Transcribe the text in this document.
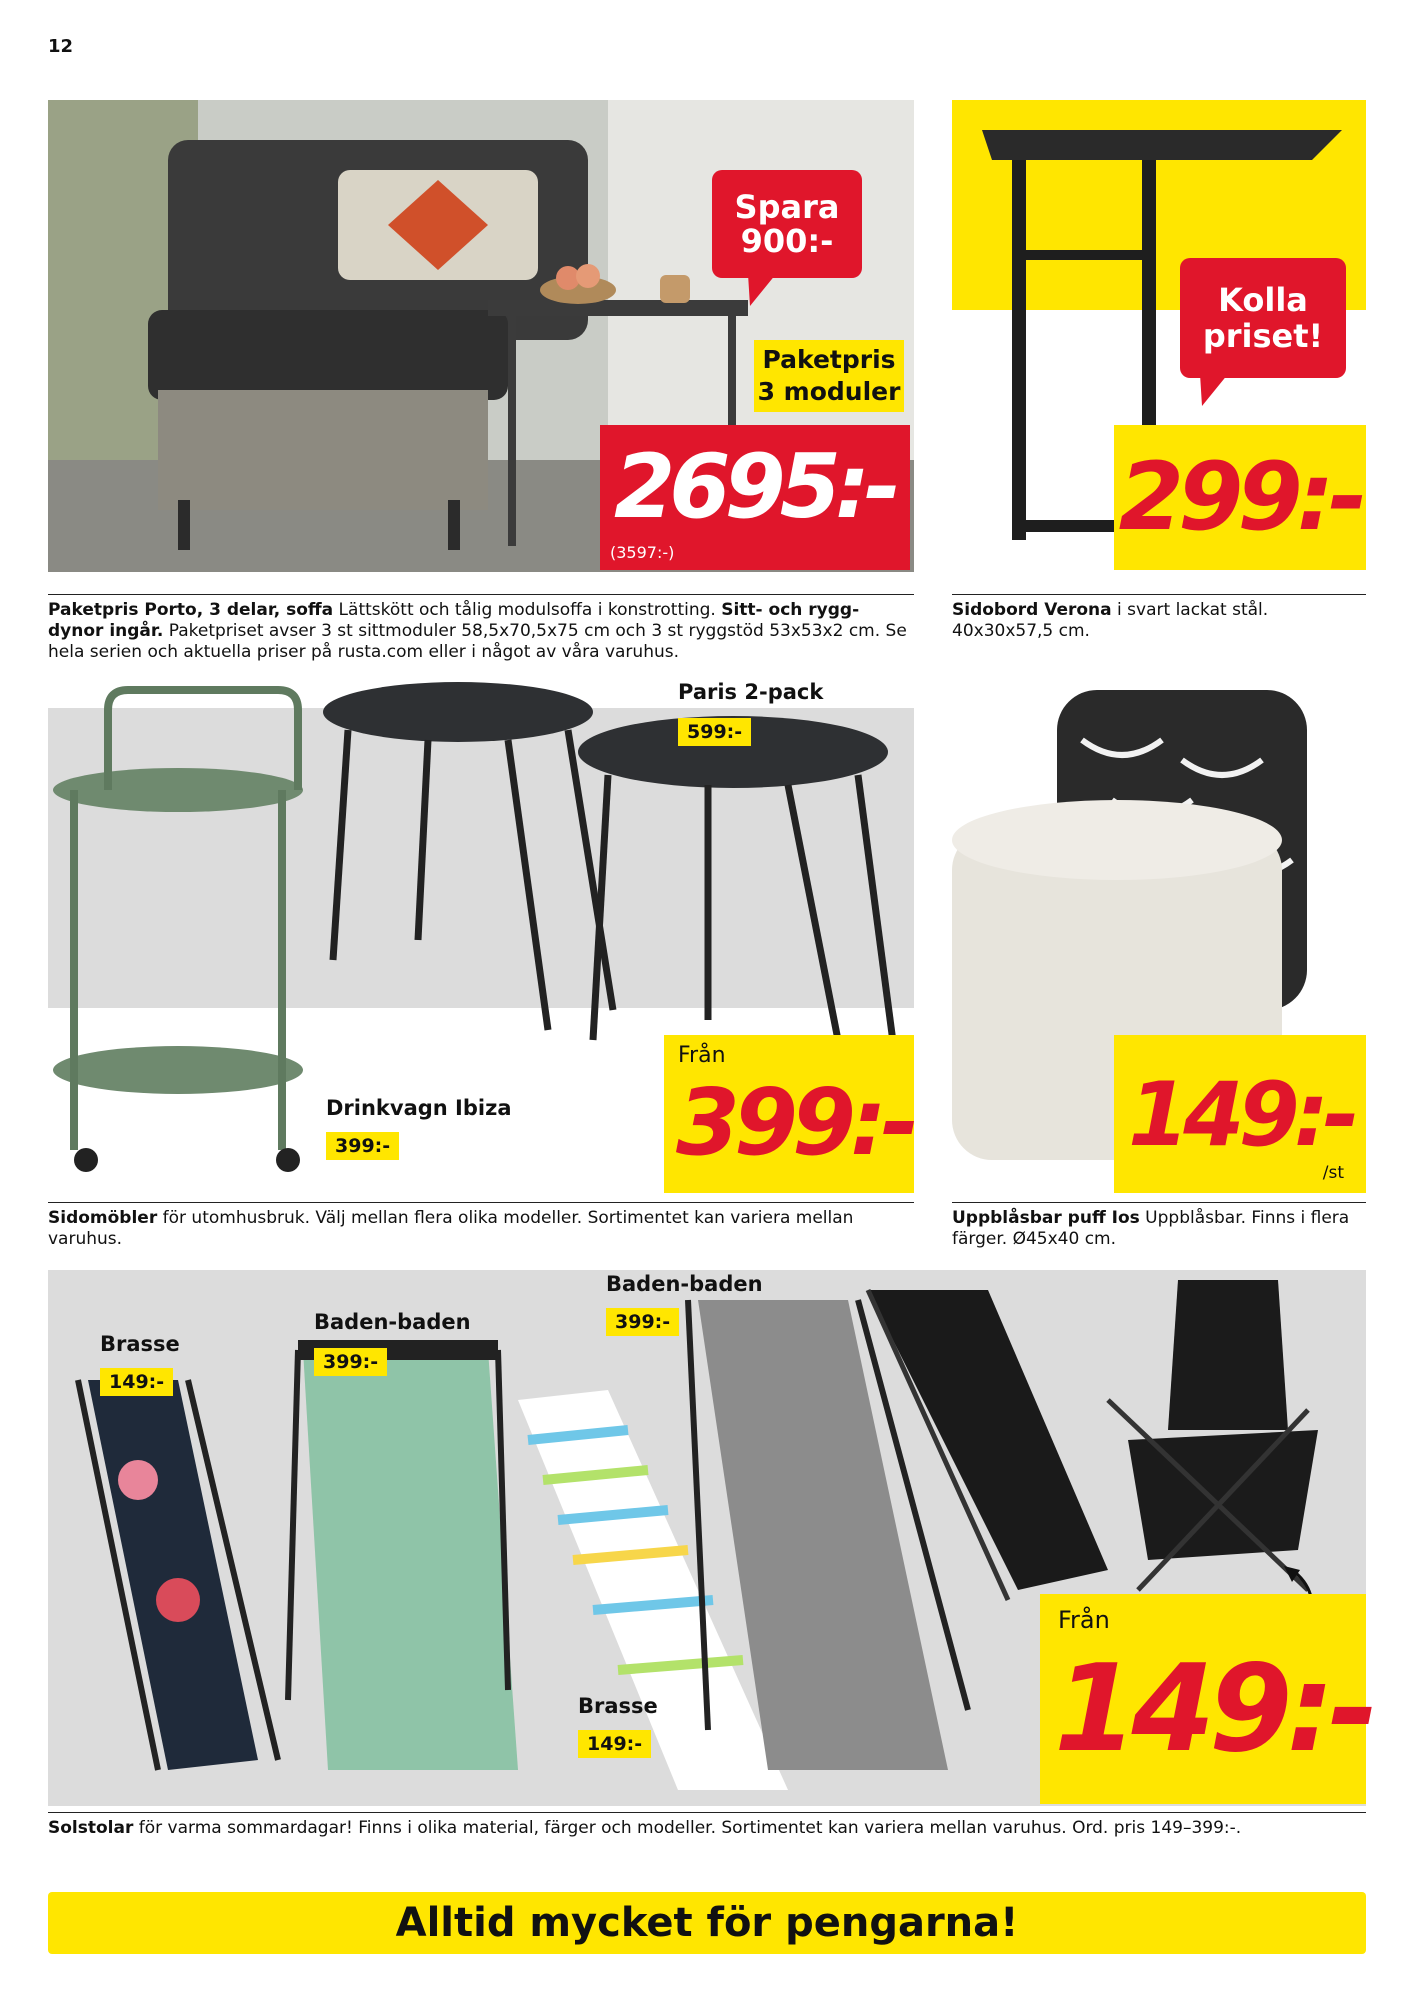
12
Spara 900:-
Paketpris
3 moduler
2695:-
(3597:-)
Paketpris Porto, 3 delar, soffa Lättskött och tålig modulsoffa i konstrotting. Sitt- och rygg-dynor ingår. Paketpriset avser 3 st sittmoduler 58,5x70,5x75 cm och 3 st ryggstöd 53x53x2 cm. Se hela serien och aktuella priser på rusta.com eller i något av våra varuhus.
Kolla priset!
299:-
Sidobord Verona i svart lackat stål. 40x30x57,5 cm.
Paris 2-pack
599:-
Drinkvagn Ibiza
399:-
Från
399:-
Sidomöbler för utomhusbruk. Välj mellan flera olika modeller. Sortimentet kan variera mellan varuhus.
149:-
/st
Uppblåsbar puff Ios Uppblåsbar. Finns i flera färger. Ø45x40 cm.
Brasse
149:-
Baden-baden
399:-
Baden-baden
399:-
Brasse
149:-
Från
149:-
Solstolar för varma sommardagar! Finns i olika material, färger och modeller. Sortimentet kan variera mellan varuhus. Ord. pris 149–399:-.
Alltid mycket för pengarna!
